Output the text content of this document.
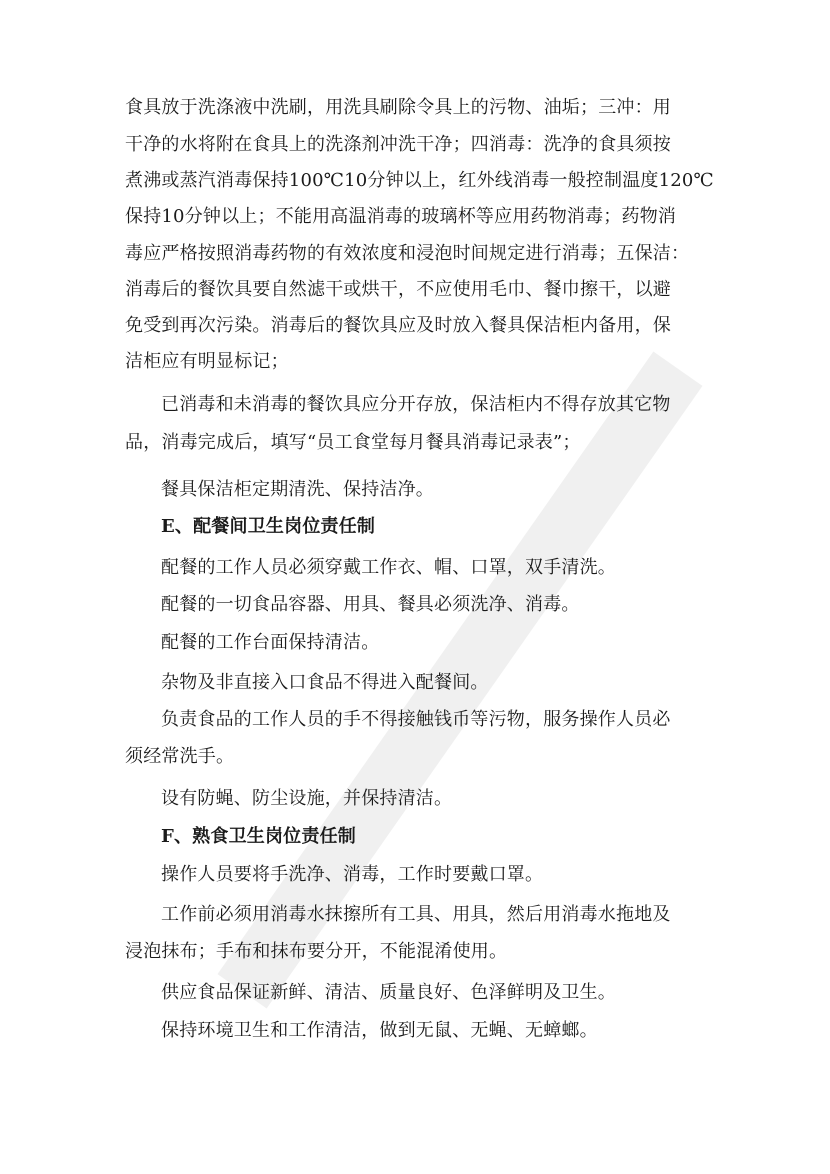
食具放于洗涤液中洗刷，用洗具刷除令具上的污物、油垢；三冲：用
干净的水将附在食具上的洗涤剂冲洗干净；四消毒：洗净的食具须按
煮沸或蒸汽消毒保持100℃10分钟以上，红外线消毒一般控制温度120℃
保持10分钟以上；不能用高温消毒的玻璃杯等应用药物消毒；药物消
毒应严格按照消毒药物的有效浓度和浸泡时间规定进行消毒；五保洁：
消毒后的餐饮具要自然滤干或烘干，不应使用毛巾、餐巾擦干，以避
免受到再次污染。消毒后的餐饮具应及时放入餐具保洁柜内备用，保
洁柜应有明显标记；
已消毒和未消毒的餐饮具应分开存放，保洁柜内不得存放其它物
品，消毒完成后，填写“员工食堂每月餐具消毒记录表”；
餐具保洁柜定期清洗、保持洁净。
E、配餐间卫生岗位责任制
配餐的工作人员必须穿戴工作衣、帽、口罩，双手清洗。
配餐的一切食品容器、用具、餐具必须洗净、消毒。
配餐的工作台面保持清洁。
杂物及非直接入口食品不得进入配餐间。
负责食品的工作人员的手不得接触钱币等污物，服务操作人员必
须经常洗手。
设有防蝇、防尘设施，并保持清洁。
F、熟食卫生岗位责任制
操作人员要将手洗净、消毒，工作时要戴口罩。
工作前必须用消毒水抹擦所有工具、用具，然后用消毒水拖地及
浸泡抹布；手布和抹布要分开，不能混淆使用。
供应食品保证新鲜、清洁、质量良好、色泽鲜明及卫生。
保持环境卫生和工作清洁，做到无鼠、无蝇、无蟑螂。
